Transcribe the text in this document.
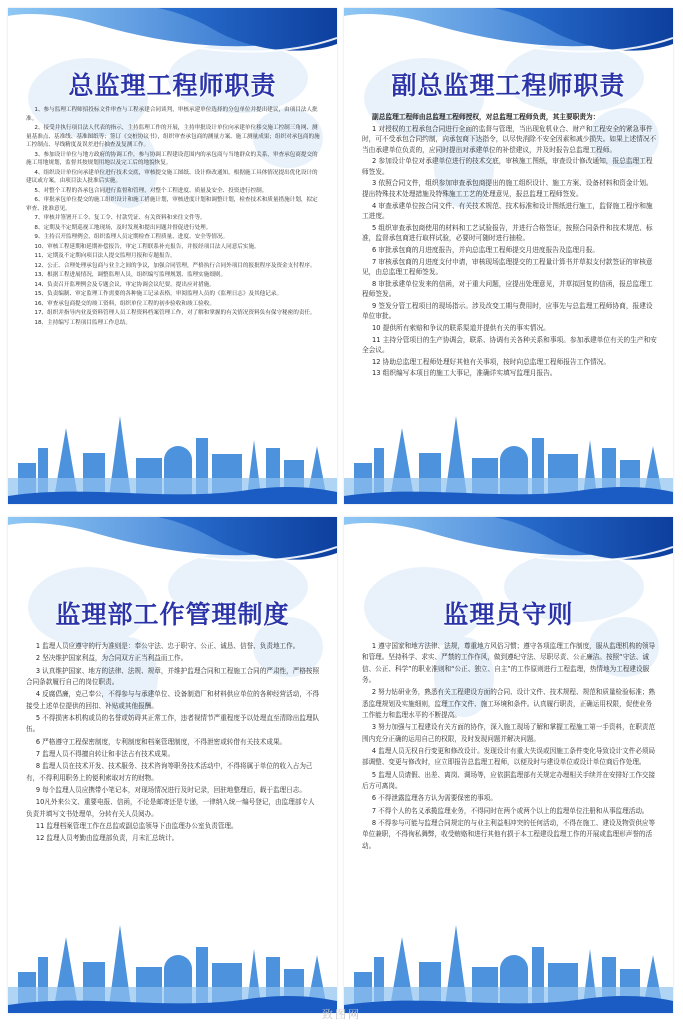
总监理工程师职责

1、参与监理工程师招投标文件审查与工程承建合同谈判，审核承建单位选择的分包单位并提出建议，由项目法人批准。

2、接受并执行项目法人代表的指示，主持监理工作的开展，主持审批设计单位向承建单位移交施工控制三角网、测量基准点、基准线、基准图纸等；签订《交桩协议书》，组织审查承包商的测量方案、施工测量成果；组织对承包商的施工控制点、导线精度及误差进行抽查及复测工作。

3、参加设计单位与地方政府的协调工作，参与协调工程建设范围内的承包商与当地群众的关系，审查承包商提交的施工用地规划，监督其按规划用地以及完工后的地貌恢复。

4、组织设计单位向承建单位进行技术交底，审核提交施工图纸、设计修改通知，根据施工具体情况提出优化设计的建议或方案，由项目法人批准后实施。

5、对整个工程的各承包合同进行监督和管理，对整个工程进度、质量及安全、投资进行控制。

6、审批承包单位提交的施工组织设计和施工措施计划，审核进度计划和调整计划，检查技术和质量措施计划，拟定审查、批准意见。

7、审核并签署开工令、复工令、付款凭证、有关资料和来往文件等。

8、定期及不定期巡视工地现场，及时发现和提出问题并督促进行处理。

9、主持召开监理例会，组织监理人员定期检查工程质量、进度、安全等情况。

10、审核工程延期和延期补偿报告，审定工程联系补充报告，并报经项目法人同意后实施。

11、定期及不定期向项目法人提交监理月报和专题报告。

12、公正、合理处理承包商与业主之间的争议，加强合同管理，严格执行合同外项目的报批程序及资金支付程序。

13、根据工程进展情况，调整监理人员，组织编写监理规划、监理实施细则。

14、负责召开监理例会及专题会议，审定协调会议纪要，提出应对措施。

15、负责编制、审定监理工作需要的各种施工记录表格，审阅监理人员的《监理日志》及其他记录。

16、审查承包商提交的竣工资料，组织单位工程的初步验收和竣工验收。

17、组织并指导内业及资料管理人员工程资料档案管理工作，对了解和掌握的有关情况资料负有保守秘密的责任。

18、主持编写工程项目监理工作总结。

副总监理工程师职责

副总监理工程师由总监理工程师授权，对总监理工程师负责，其主要职责为：

1 对授权的工程承包合同进行全面的监督与管理，当出现危机业合、财产和工程安全的紧急事件时，可不受承包合同约制，向承包商下达指令，以尽快消除不安全因素和减少损失。如果上述情况不当由承建单位负责的，应同时提出对承建单位的补偿建议，并及时报告总监理工程师。

2 参加设计单位对承建单位进行的技术交底，审核施工图纸，审查设计修改通知，报总监理工程师签发。

3 依照合同文件，组织参加审查承包商提出的施工组织设计、施工方案、设备材料和资金计划。提出特殊技术处理措施及特殊施工工艺的处理意见，报总监理工程师签发。

4 审查承建单位按合同文件、有关技术规范、技术标准和设计图纸进行施工，监督施工程序和施工进度。

5 组织审查承包商使用的材料和工艺试验报告，并进行合格签证，按照合同条件和技术规范、标准，监督承包商进行取样试验，必要时可随时进行抽检。

6 审批承包商的月进度报告，并向总监理工程师提交月进度报告及监理月报。

7 审核承包商的月进度支付申请，审核现场监理提交的工程量计算书并草拟支付款签证的审核意见，由总监理工程师签发。

8 审批承建单位发来的信函，对于重大问题，应提出处理意见，并草拟回复的信函，报总监理工程师签发。

9 签发分管工程项目的现场指示。涉及改变工期与费用时，应事先与总监理工程师协商，报建设单位审批。

10 提供所有索赔和争议的联系渠道并提供有关的事实情况。

11 主持分管项目的生产协调会，联系、协调有关各种关系和事项。参加承建单位有关的生产和安全会议。

12 协助总监理工程师处理好其他有关事项，按时向总监理工程师报告工作情况。

13 组织编写本项目的施工大事记，准确详实填写监理月报告。

监理部工作管理制度

1 监理人员应遵守的行为准则是：奉公守法、忠于职守、公正、诚恳、信誉、负责地工作。

2 坚决维护国家利益，为合同双方正当利益而工作。

3 认真维护国家、地方的法律、法规、规章，并维护监理合同和工程施工合同的严肃性，严格按照合同条款履行自己的岗位职责。

4 反腐倡廉，克己奉公，不得参与与承建单位、设备制造厂和材料供应单位的各种经营活动，不得接受上述单位提供的回扣、补贴或其他报酬。

5 不得损害本机构或员的名誉或妨碍其正常工作，违者视情节严重程度予以处理直至清除出监理队伍。

6 严格遵守工程保密制度，专利制度和档案管理制度，不得泄密或转借有关技术成果。

7 监理人员不得擅自转让和非法占有技术成果。

8 监理人员在技术开发、技术服务、技术咨询等职务技术活动中，不得将属于单位的收入占为己有，不得利用职务上的便利索取对方的财物。

9 每个监理人员应携带小笔记本，对现场情况进行及时记录，回驻地整理后，载于监理日志。

10凡外来公文、重要电报、信函，不论是邮寄还是专递，一律纳入统一编号登记，由监理部专人负责并填写文书处理单，分转有关人员阅办。

11 监理档案管理工作在总监或副总监领导下由监理办公室负责管理。

12 监理人员考勤由监理部负责，月末汇总统计。

监理员守则

1 遵守国家和地方法律、法规，尊重地方风俗习惯；遵守各项监理工作制度，服从监理机构的领导和管理。坚持科学、求实、严禁的工作作风，做到遵纪守法、尽职尽责、公正廉洁。按照“守法、诚信、公正、科学”的职业准则和“公正、独立、自主”的工作原则进行工程监理，热情地为工程建设服务。

2 努力钻研业务，熟悉有关工程建设方面的合同、设计文件、技术规程、规范和质量检验标准；熟悉监理规划及实施细则，监理工作文件、施工环境和条件。认真履行职责，正确运用权限，促使业务工作能力和监理水平的不断提高。

3 努力加强与工程建设有关方面的协作，深入施工现场了解和掌握工程施工第一手资料，在职责范围内充分正确的运用自己的权限，及时发现问题并解决问题。

4 监理人员无权自行变更和修改设计。发现设计有重大失误或因施工条件变化导致设计文件必须局部调整、变更与修改时，应立即报告总监理工程师，以便及时与建设单位或设计单位商后作处理。

5 监理人员请假、出差、离岗、调场等，应依据监理部有关规定办理相关手续并在安排好工作交接后方可离岗。

6 不得泄露监理各方认为需要保密的事项。

7 不得个人的名义承揽监理业务，不得同时在两个或两个以上的监理单位注册和从事监理活动。

8 不得参与可能与监理合同规定的与业主利益相冲突的任何活动，不得在施工、建设及物资供应等单位兼职，不得徇私舞弊，收受贿赂和进行其他有损于本工程建设监理工作的开展或监理形声誉的活动。

致图网
